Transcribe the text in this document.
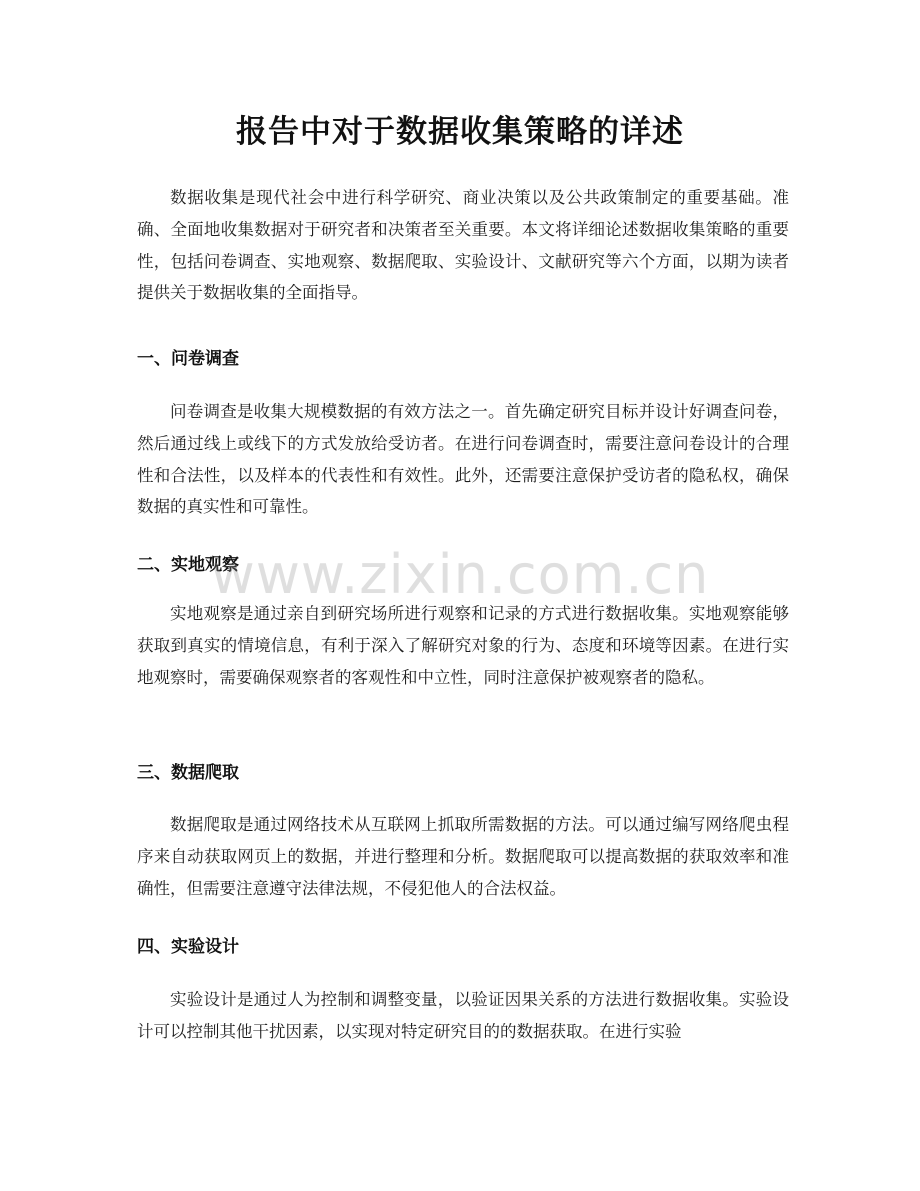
报告中对于数据收集策略的详述

数据收集是现代社会中进行科学研究、商业决策以及公共政策制定的重要基础。准确、全面地收集数据对于研究者和决策者至关重要。本文将详细论述数据收集策略的重要性，包括问卷调查、实地观察、数据爬取、实验设计、文献研究等六个方面，以期为读者提供关于数据收集的全面指导。

一、问卷调查

问卷调查是收集大规模数据的有效方法之一。首先确定研究目标并设计好调查问卷，然后通过线上或线下的方式发放给受访者。在进行问卷调查时，需要注意问卷设计的合理性和合法性，以及样本的代表性和有效性。此外，还需要注意保护受访者的隐私权，确保数据的真实性和可靠性。

二、实地观察

实地观察是通过亲自到研究场所进行观察和记录的方式进行数据收集。实地观察能够获取到真实的情境信息，有利于深入了解研究对象的行为、态度和环境等因素。在进行实地观察时，需要确保观察者的客观性和中立性，同时注意保护被观察者的隐私。

三、数据爬取

数据爬取是通过网络技术从互联网上抓取所需数据的方法。可以通过编写网络爬虫程序来自动获取网页上的数据，并进行整理和分析。数据爬取可以提高数据的获取效率和准确性，但需要注意遵守法律法规，不侵犯他人的合法权益。

四、实验设计

实验设计是通过人为控制和调整变量，以验证因果关系的方法进行数据收集。实验设计可以控制其他干扰因素，以实现对特定研究目的的数据获取。在进行实验

www.zixin.com.cn
